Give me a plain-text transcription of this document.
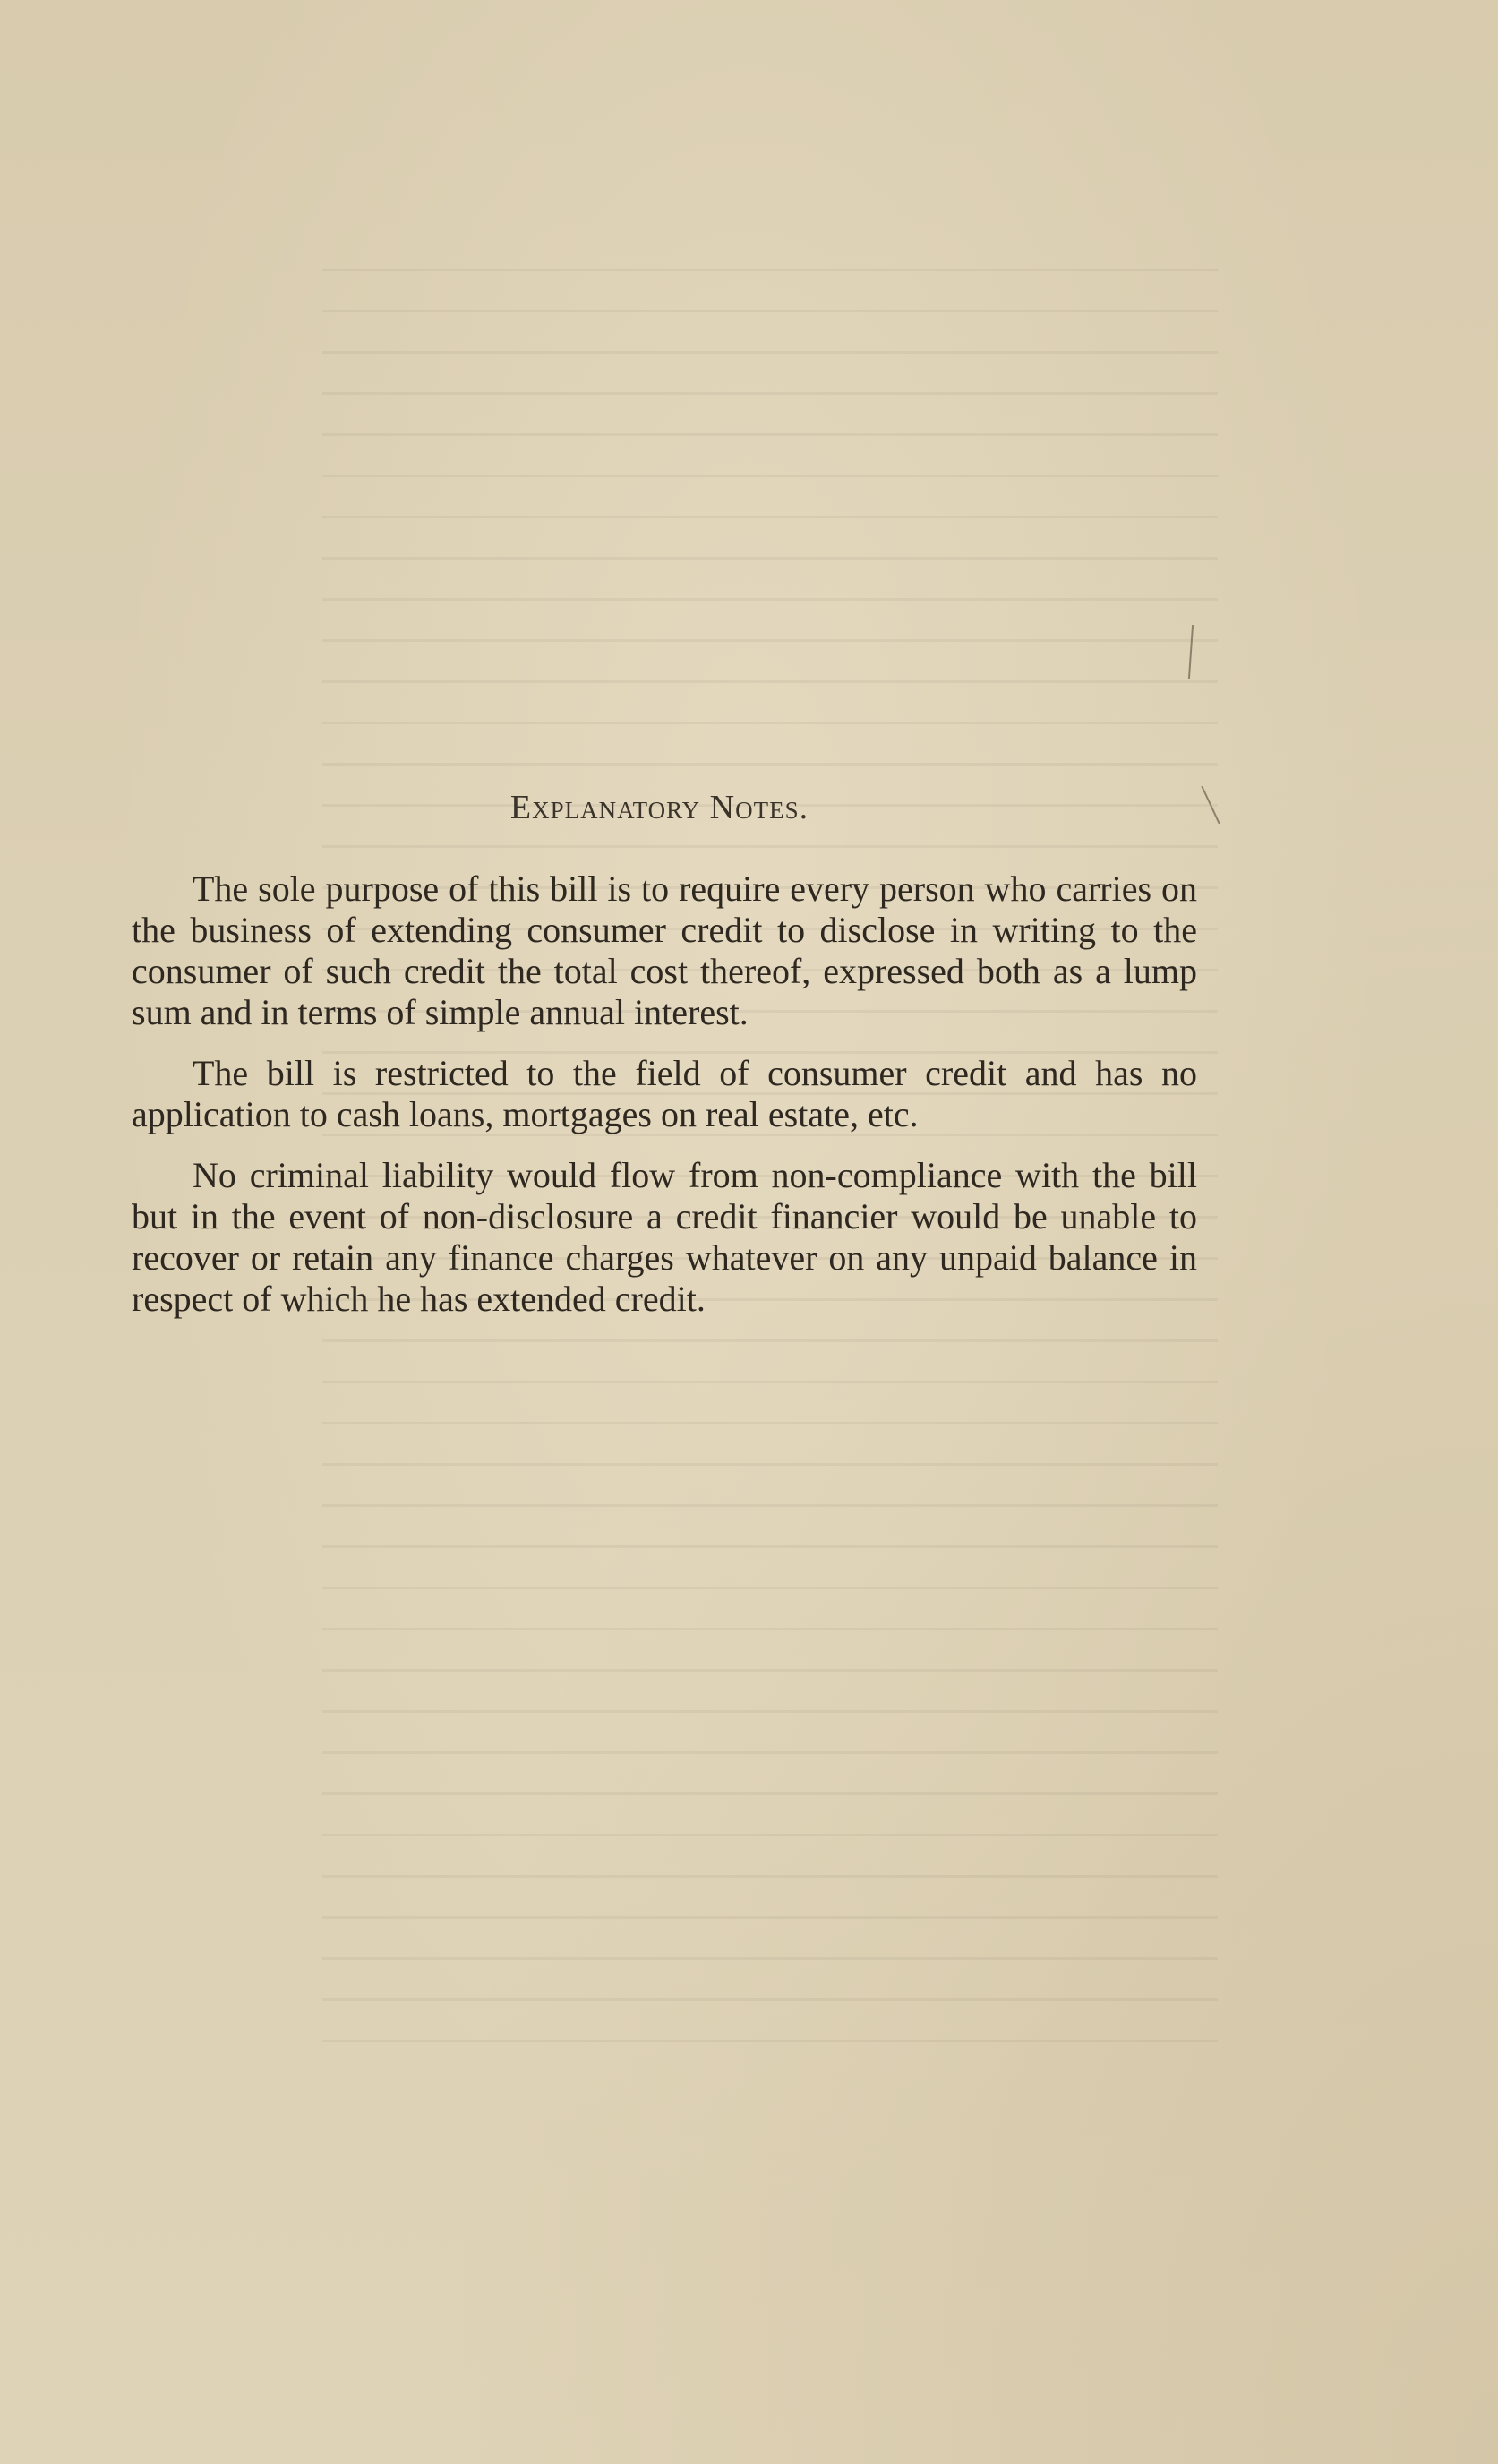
Explanatory Notes.

The sole purpose of this bill is to require every person who carries on the business of extending consumer credit to disclose in writing to the consumer of such credit the total cost thereof, expressed both as a lump sum and in terms of simple annual interest.

The bill is restricted to the field of consumer credit and has no application to cash loans, mortgages on real estate, etc.

No criminal liability would flow from non-compliance with the bill but in the event of non-disclosure a credit financier would be unable to recover or retain any finance charges whatever on any unpaid balance in respect of which he has extended credit.
